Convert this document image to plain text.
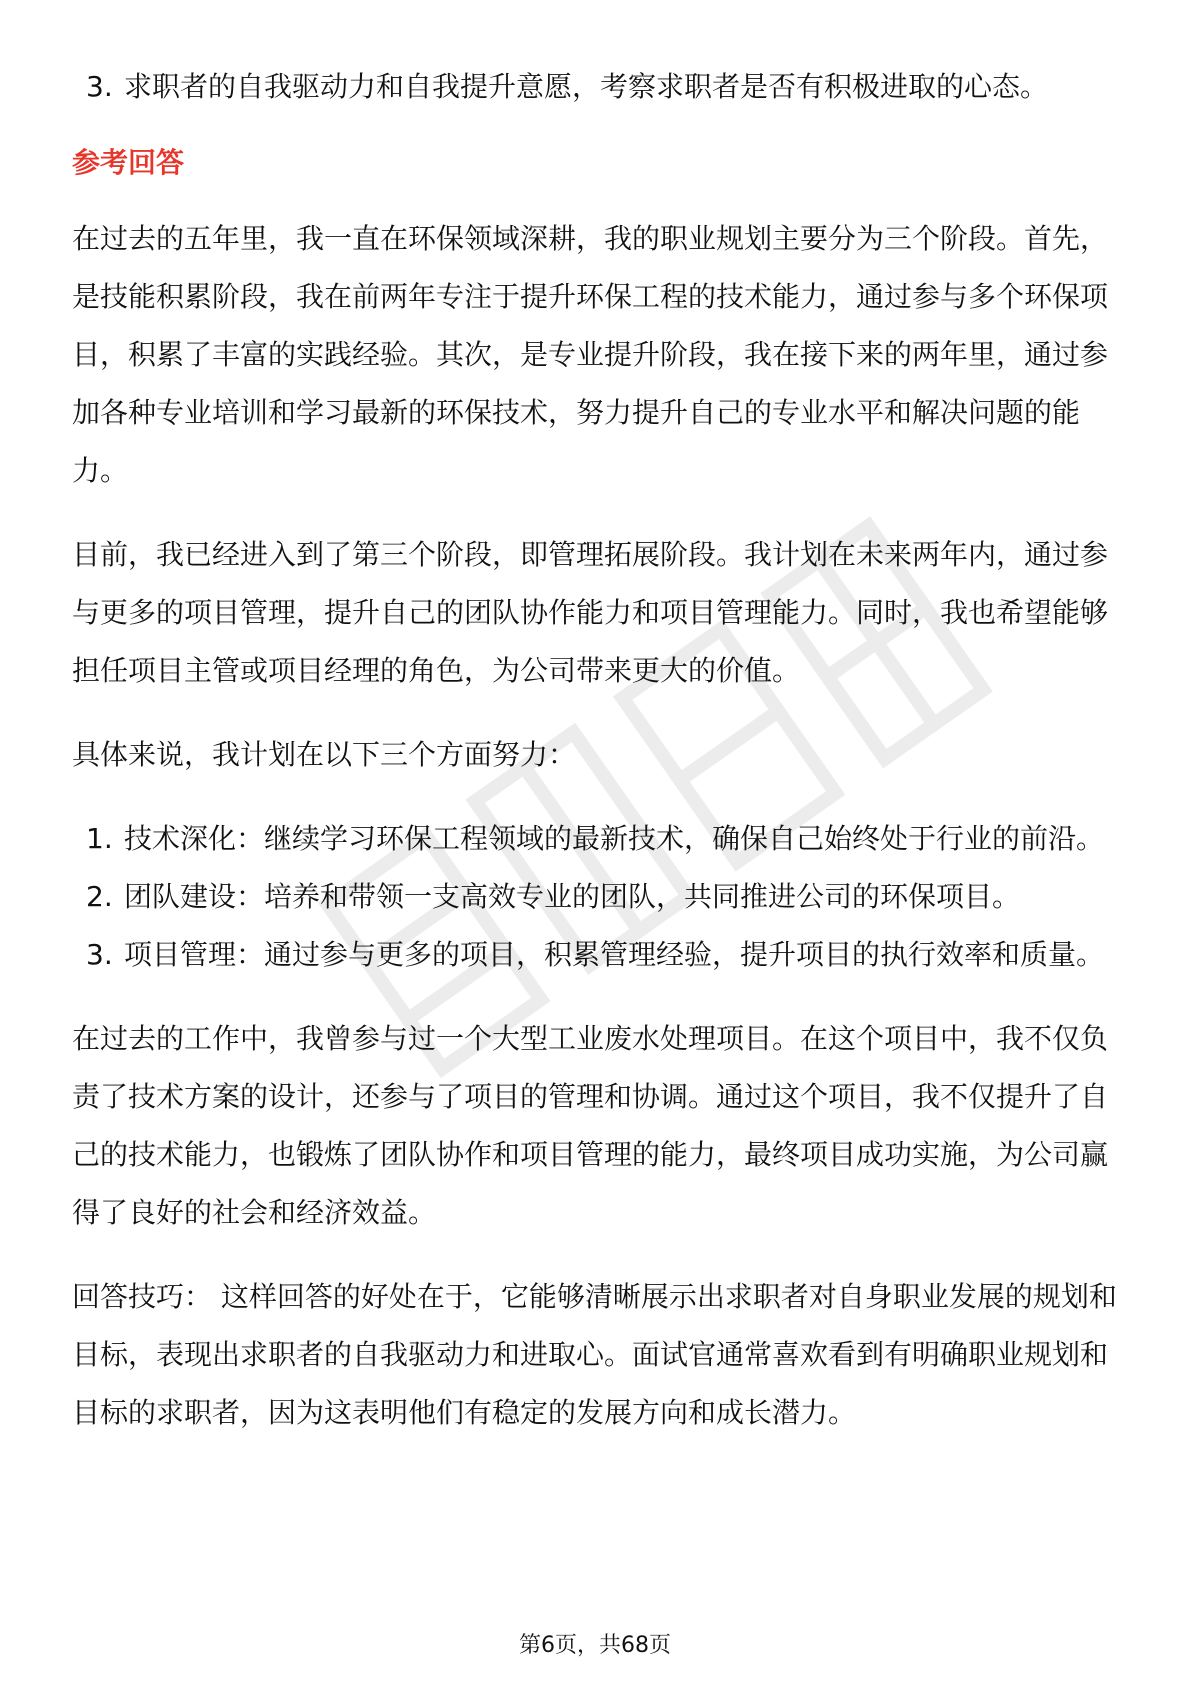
3. 求职者的自我驱动力和自我提升意愿，考察求职者是否有积极进取的心态。

参考回答

在过去的五年里，我一直在环保领域深耕，我的职业规划主要分为三个阶段。首先，是技能积累阶段，我在前两年专注于提升环保工程的技术能力，通过参与多个环保项目，积累了丰富的实践经验。其次，是专业提升阶段，我在接下来的两年里，通过参加各种专业培训和学习最新的环保技术，努力提升自己的专业水平和解决问题的能力。

目前，我已经进入到了第三个阶段，即管理拓展阶段。我计划在未来两年内，通过参与更多的项目管理，提升自己的团队协作能力和项目管理能力。同时，我也希望能够担任项目主管或项目经理的角色，为公司带来更大的价值。

具体来说，我计划在以下三个方面努力：

1. 技术深化：继续学习环保工程领域的最新技术，确保自己始终处于行业的前沿。
2. 团队建设：培养和带领一支高效专业的团队，共同推进公司的环保项目。
3. 项目管理：通过参与更多的项目，积累管理经验，提升项目的执行效率和质量。

在过去的工作中，我曾参与过一个大型工业废水处理项目。在这个项目中，我不仅负责了技术方案的设计，还参与了项目的管理和协调。通过这个项目，我不仅提升了自己的技术能力，也锻炼了团队协作和项目管理的能力，最终项目成功实施，为公司赢得了良好的社会和经济效益。

回答技巧： 这样回答的好处在于，它能够清晰展示出求职者对自身职业发展的规划和目标，表现出求职者的自我驱动力和进取心。面试官通常喜欢看到有明确职业规划和目标的求职者，因为这表明他们有稳定的发展方向和成长潜力。

第6页，共68页
